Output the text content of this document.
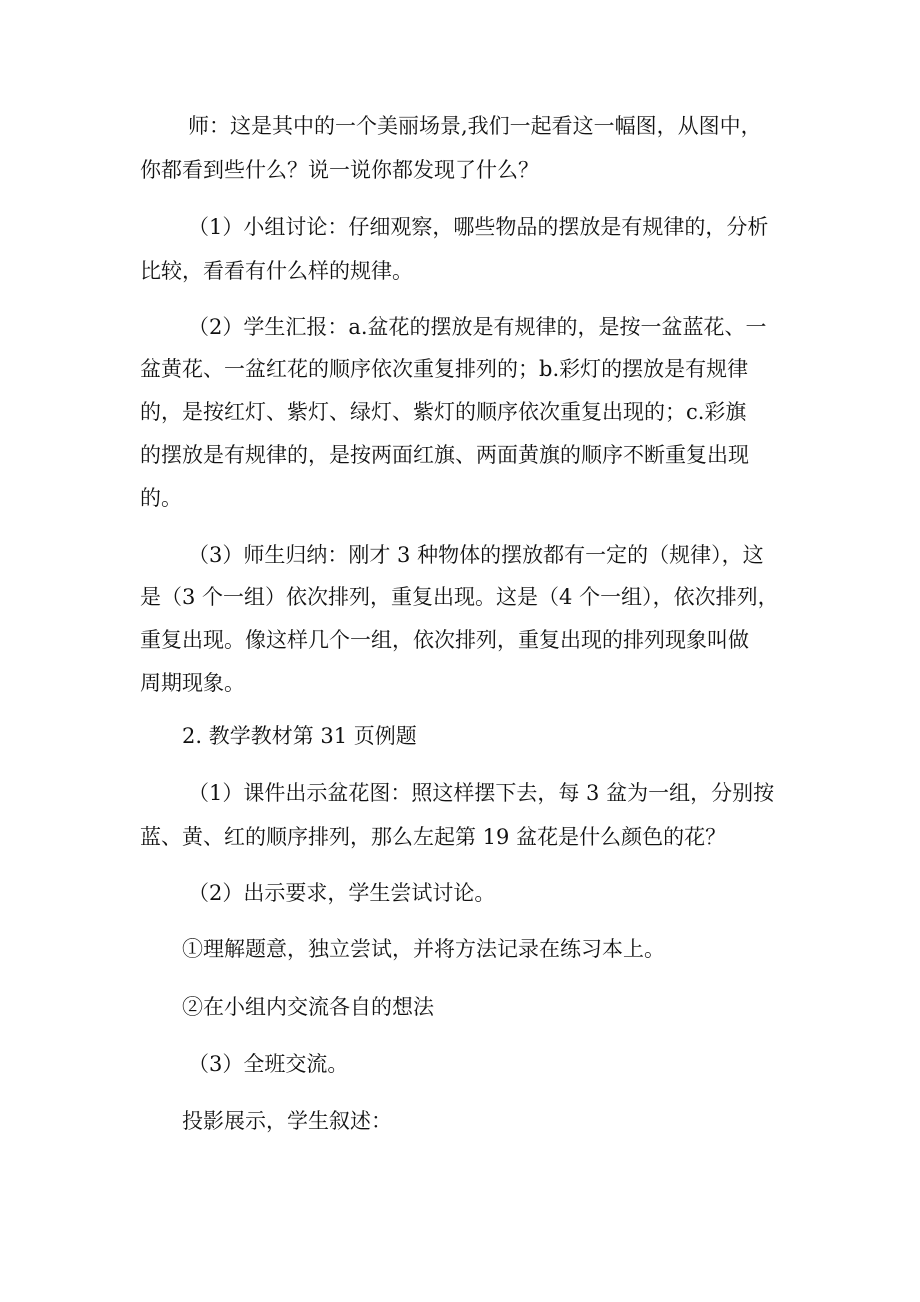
师：这是其中的一个美丽场景,我们一起看这一幅图，从图中，
你都看到些什么？说一说你都发现了什么？
（1）小组讨论：仔细观察，哪些物品的摆放是有规律的，分析
比较，看看有什么样的规律。
（2）学生汇报：a.盆花的摆放是有规律的，是按一盆蓝花、一
盆黄花、一盆红花的顺序依次重复排列的；b.彩灯的摆放是有规律
的，是按红灯、紫灯、绿灯、紫灯的顺序依次重复出现的；c.彩旗
的摆放是有规律的，是按两面红旗、两面黄旗的顺序不断重复出现
的。
（3）师生归纳：刚才 3 种物体的摆放都有一定的（规律），这
是（3 个一组）依次排列，重复出现。这是（4 个一组），依次排列，
重复出现。像这样几个一组，依次排列，重复出现的排列现象叫做
周期现象。
2. 教学教材第 31 页例题
（1）课件出示盆花图：照这样摆下去，每 3 盆为一组，分别按
蓝、黄、红的顺序排列，那么左起第 19 盆花是什么颜色的花？
（2）出示要求，学生尝试讨论。
①理解题意，独立尝试，并将方法记录在练习本上。
②在小组内交流各自的想法
（3）全班交流。
投影展示，学生叙述：
